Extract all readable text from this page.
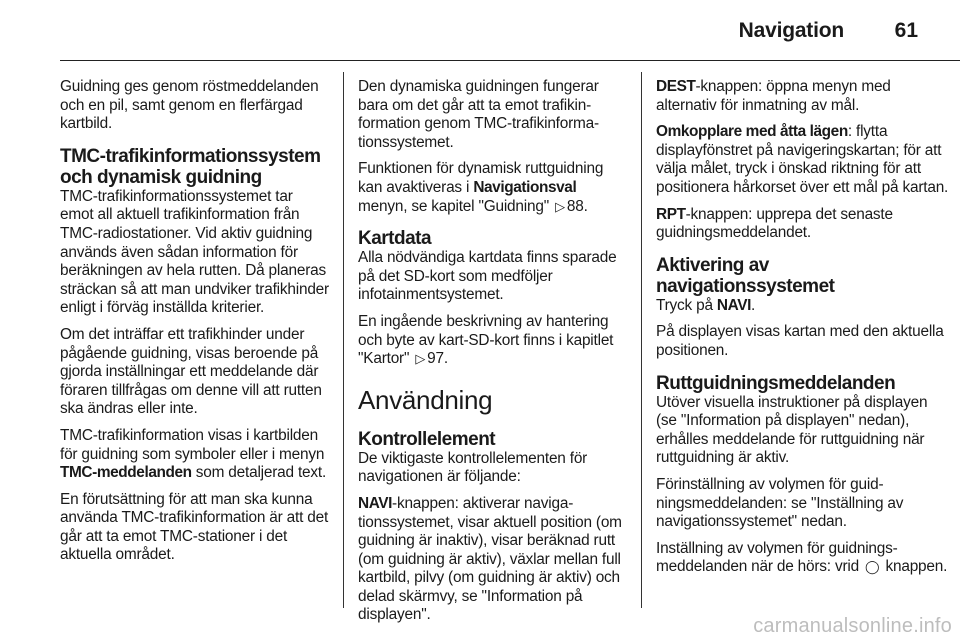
Navigation 61

Guidning ges genom röstmeddelanden och en pil, samt genom en flerfärgad kartbild.

TMC-trafikinformationssystem och dynamisk guidning

TMC-trafikinformationssystemet tar emot all aktuell trafikinformation från TMC-radiostationer. Vid aktiv guidning används även sådan information för beräkningen av hela rutten. Då planeras sträckan så att man undviker trafikhinder enligt i förväg inställda kriterier.

Om det inträffar ett trafikhinder under pågående guidning, visas beroende på gjorda inställningar ett meddelande där föraren tillfrågas om denne vill att rutten ska ändras eller inte.

TMC-trafikinformation visas i kartbilden för guidning som symboler eller i menyn TMC-meddelanden som detaljerad text.

En förutsättning för att man ska kunna använda TMC-trafikinformation är att det går att ta emot TMC-stationer i det aktuella området.

Den dynamiska guidningen fungerar bara om det går att ta emot trafikinformation genom TMC-trafikinformationssystemet.

Funktionen för dynamisk ruttguidning kan avaktiveras i Navigationsval menyn, se kapitel "Guidning" ▷ 88.

Kartdata

Alla nödvändiga kartdata finns sparade på det SD-kort som medföljer infotainmentsystemet.

En ingående beskrivning av hantering och byte av kart-SD-kort finns i kapitlet "Kartor" ▷ 97.

Användning
Kontrollelement

De viktigaste kontrollelementen för navigationen är följande:

NAVI-knappen: aktiverar navigationssystemet, visar aktuell position (om guidning är inaktiv), visar beräknad rutt (om guidning är aktiv), växlar mellan full kartbild, pilvy (om guidning är aktiv) och delad skärmvy, se "Information på displayen".

DEST-knappen: öppna menyn med alternativ för inmatning av mål.

Omkopplare med åtta lägen: flytta displayfönstret på navigeringskartan; för att välja målet, tryck i önskad riktning för att positionera hårkorset över ett mål på kartan.

RPT-knappen: upprepa det senaste guidningsmeddelandet.

Aktivering av navigationssystemet

Tryck på NAVI.

På displayen visas kartan med den aktuella positionen.

Ruttguidningsmeddelanden

Utöver visuella instruktioner på displayen (se "Information på displayen" nedan), erhålles meddelande för ruttguidning när ruttguidning är aktiv.

Förinställning av volymen för guidningsmeddelanden: se "Inställning av navigationssystemet" nedan.

Inställning av volymen för guidningsmeddelanden när de hörs: vrid ◯ knappen.

carmanualsonline.info
